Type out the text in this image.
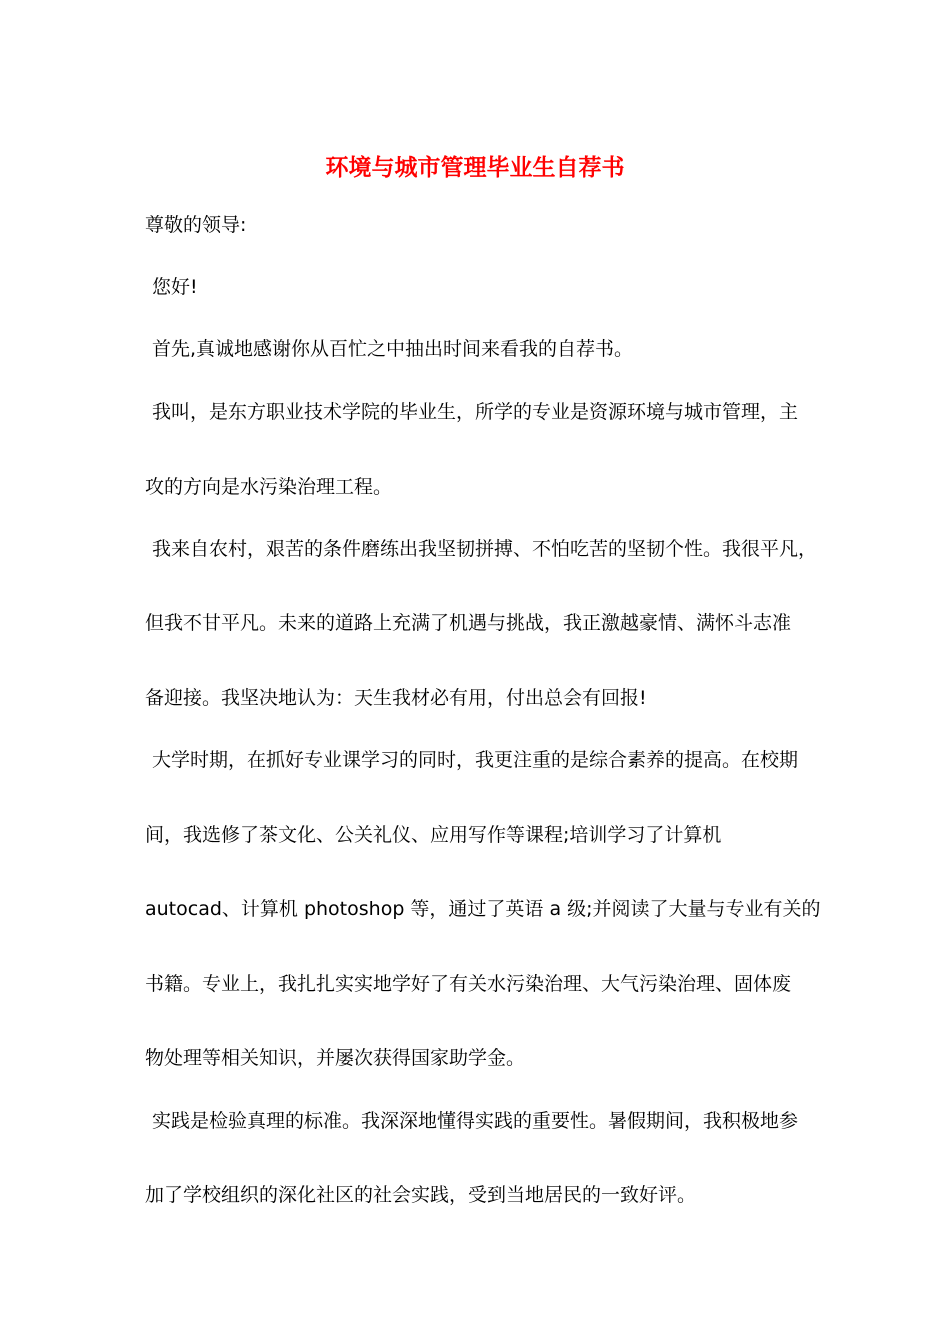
环境与城市管理毕业生自荐书
尊敬的领导:
您好!
首先,真诚地感谢你从百忙之中抽出时间来看我的自荐书。
我叫，是东方职业技术学院的毕业生，所学的专业是资源环境与城市管理，主
攻的方向是水污染治理工程。
我来自农村，艰苦的条件磨练出我坚韧拼搏、不怕吃苦的坚韧个性。我很平凡，
但我不甘平凡。未来的道路上充满了机遇与挑战，我正激越豪情、满怀斗志准
备迎接。我坚决地认为：天生我材必有用，付出总会有回报!
大学时期，在抓好专业课学习的同时，我更注重的是综合素养的提高。在校期
间，我选修了茶文化、公关礼仪、应用写作等课程;培训学习了计算机
autocad、计算机 photoshop 等，通过了英语 a 级;并阅读了大量与专业有关的
书籍。专业上，我扎扎实实地学好了有关水污染治理、大气污染治理、固体废
物处理等相关知识，并屡次获得国家助学金。
实践是检验真理的标准。我深深地懂得实践的重要性。暑假期间，我积极地参
加了学校组织的深化社区的社会实践，受到当地居民的一致好评。
